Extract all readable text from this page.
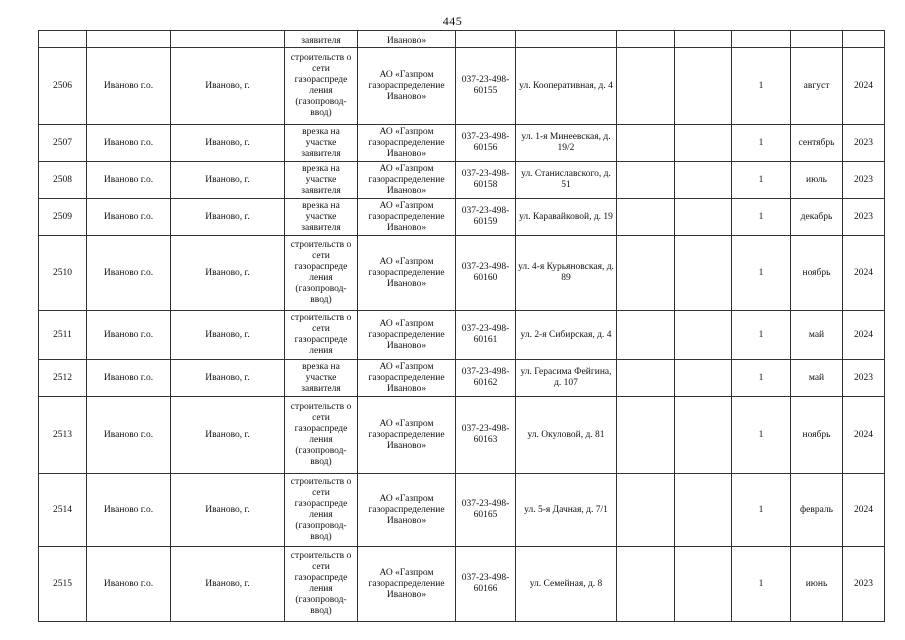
445
			заявителя	Иваново»							
2506	Иваново г.о.	Иваново, г.	строительств о сети газораспреде ления (газопровод-ввод)	АО «Газпром газораспределение Иваново»	037-23-498-60155	ул. Кооперативная, д. 4			1	август	2024
2507	Иваново г.о.	Иваново, г.	врезка на участке заявителя	АО «Газпром газораспределение Иваново»	037-23-498-60156	ул. 1-я Минеевская, д. 19/2			1	сентябрь	2023
2508	Иваново г.о.	Иваново, г.	врезка на участке заявителя	АО «Газпром газораспределение Иваново»	037-23-498-60158	ул. Станиславского, д. 51			1	июль	2023
2509	Иваново г.о.	Иваново, г.	врезка на участке заявителя	АО «Газпром газораспределение Иваново»	037-23-498-60159	ул. Каравайковой, д. 19			1	декабрь	2023
2510	Иваново г.о.	Иваново, г.	строительств о сети газораспреде ления (газопровод-ввод)	АО «Газпром газораспределение Иваново»	037-23-498-60160	ул. 4-я Курьяновская, д. 89			1	ноябрь	2024
2511	Иваново г.о.	Иваново, г.	строительств о сети газораспреде ления	АО «Газпром газораспределение Иваново»	037-23-498-60161	ул. 2-я Сибирская, д. 4			1	май	2024
2512	Иваново г.о.	Иваново, г.	врезка на участке заявителя	АО «Газпром газораспределение Иваново»	037-23-498-60162	ул. Герасима Фейгина, д. 107			1	май	2023
2513	Иваново г.о.	Иваново, г.	строительств о сети газораспреде ления (газопровод-ввод)	АО «Газпром газораспределение Иваново»	037-23-498-60163	ул. Окуловой, д. 81			1	ноябрь	2024
2514	Иваново г.о.	Иваново, г.	строительств о сети газораспреде ления (газопровод-ввод)	АО «Газпром газораспределение Иваново»	037-23-498-60165	ул. 5-я Дачная, д. 7/1			1	февраль	2024
2515	Иваново г.о.	Иваново, г.	строительств о сети газораспреде ления (газопровод-ввод)	АО «Газпром газораспределение Иваново»	037-23-498-60166	ул. Семейная, д. 8			1	июнь	2023
